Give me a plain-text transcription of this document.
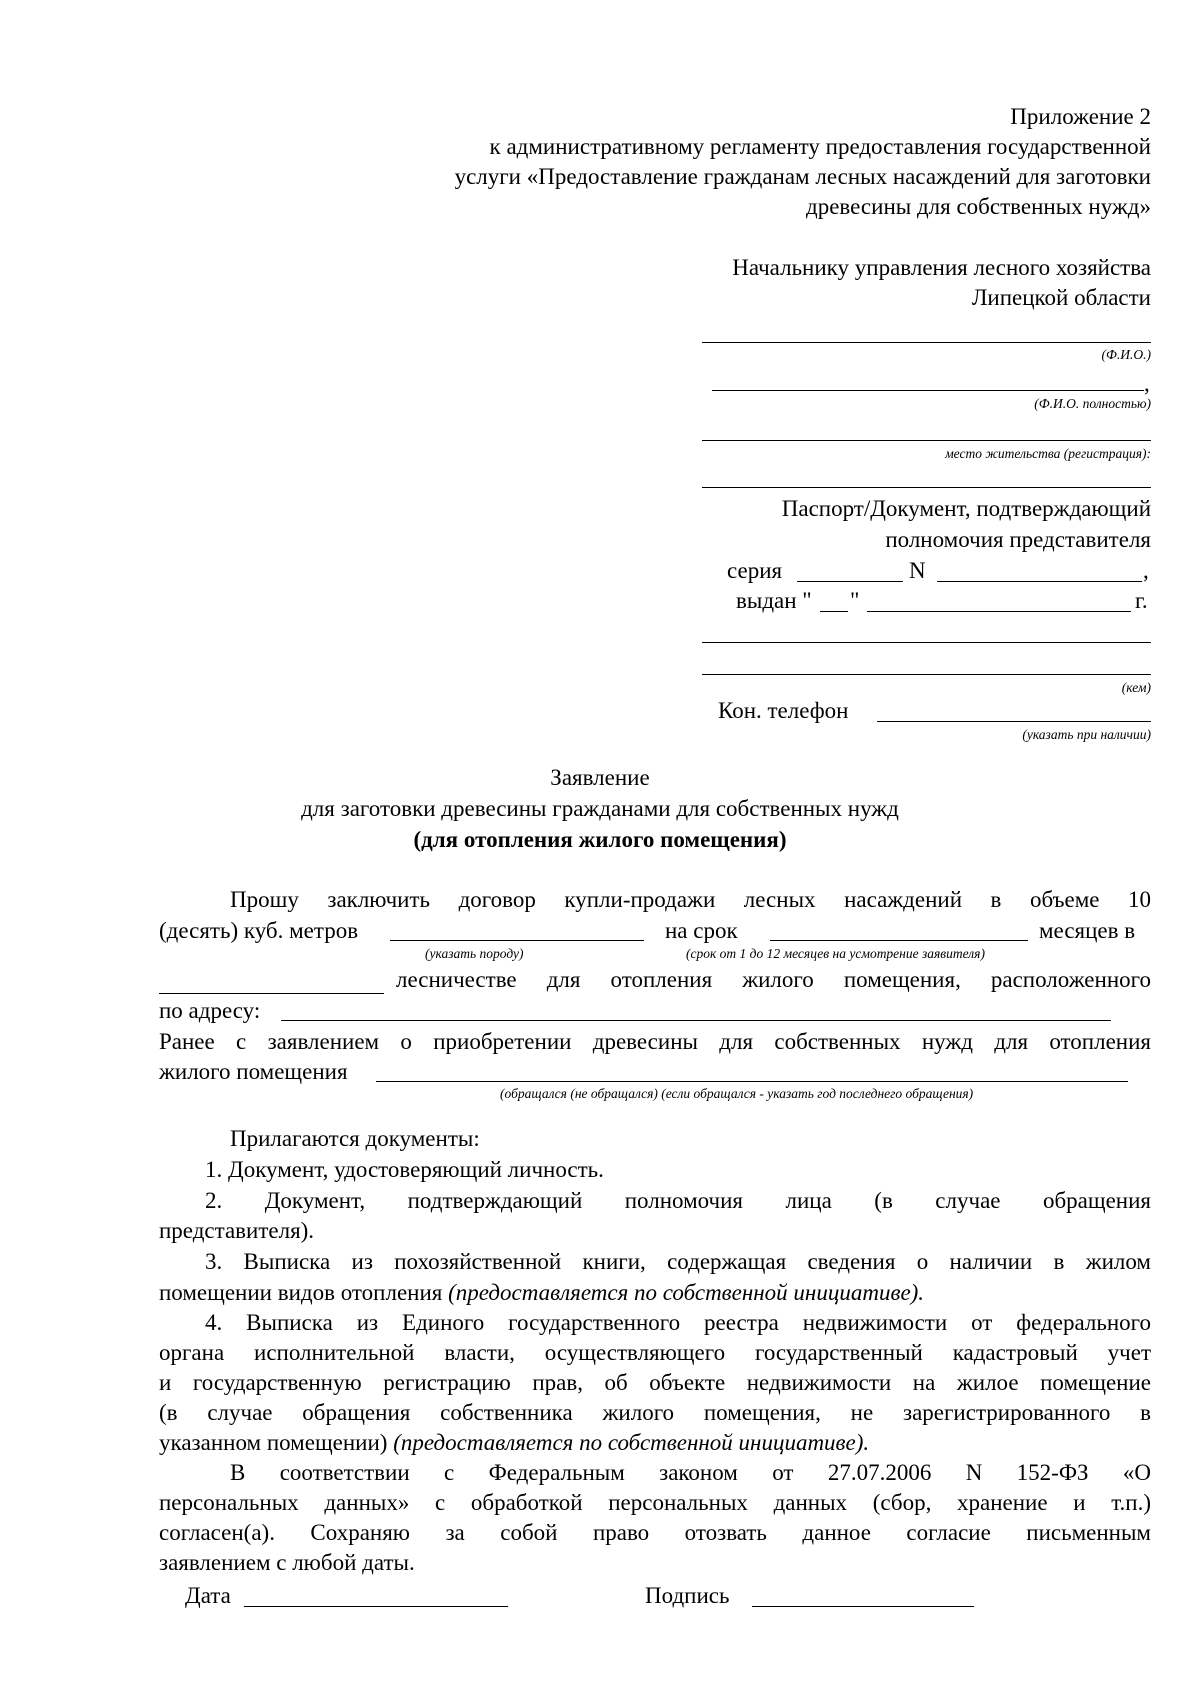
Приложение 2
к административному регламенту предоставления государственной
услуги «Предоставление гражданам лесных насаждений для заготовки
древесины для собственных нужд»
Начальнику управления лесного хозяйства
Липецкой области
(Ф.И.О.)
,
(Ф.И.О. полностью)
место жительства (регистрация):
Паспорт/Документ, подтверждающий
полномочия представителя
серия	N	,
выдан " "	г.
(кем)
Кон. телефон
(указать при наличии)
Заявление
для заготовки древесины гражданами для собственных нужд
(для отопления жилого помещения)
Прошу заключить договор купли-продажи лесных насаждений в объеме 10
(десять) куб. метров	на срок	месяцев в
(указать породу)	(срок от 1 до 12 месяцев на усмотрение заявителя)
лесничестве для отопления жилого помещения, расположенного
по адресу:
Ранее с заявлением о приобретении древесины для собственных нужд для отопления
жилого помещения
(обращался (не обращался) (если обращался - указать год последнего обращения)
Прилагаются документы:
1. Документ, удостоверяющий личность.
2. Документ, подтверждающий полномочия лица (в случае обращения
представителя).
3. Выписка из похозяйственной книги, содержащая сведения о наличии в жилом
помещении видов отопления (предоставляется по собственной инициативе).
4. Выписка из Единого государственного реестра недвижимости от федерального
органа исполнительной власти, осуществляющего государственный кадастровый учет
и государственную регистрацию прав, об объекте недвижимости на жилое помещение
(в случае обращения собственника жилого помещения, не зарегистрированного в
указанном помещении) (предоставляется по собственной инициативе).
В соответствии с Федеральным законом от 27.07.2006 N 152-ФЗ «О
персональных данных» с обработкой персональных данных (сбор, хранение и т.п.)
согласен(а). Сохраняю за собой право отозвать данное согласие письменным
заявлением с любой даты.
Дата	Подпись
